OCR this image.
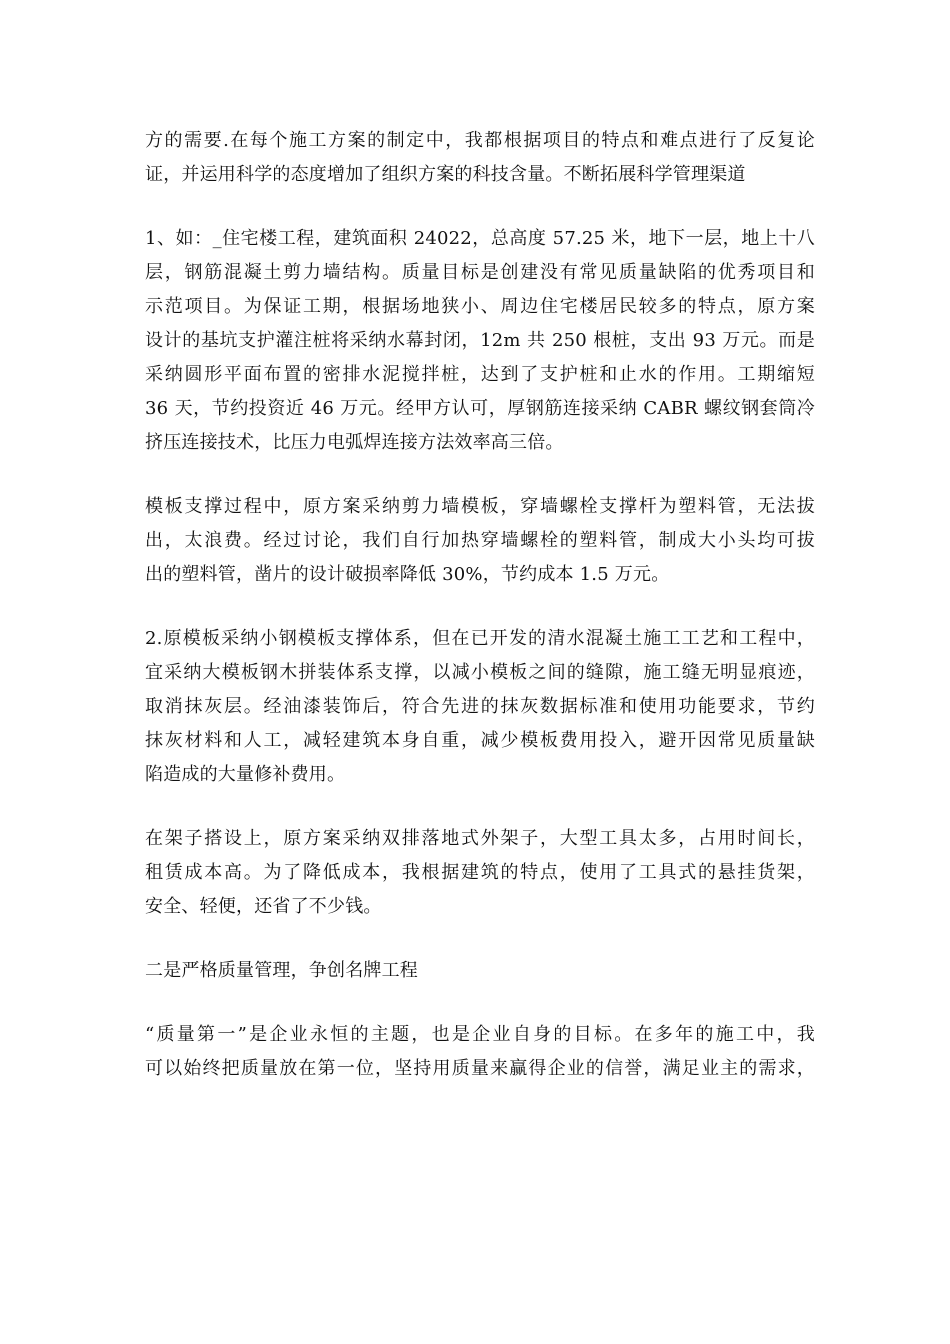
方的需要.在每个施工方案的制定中，我都根据项目的特点和难点进行了反复论
证，并运用科学的态度增加了组织方案的科技含量。不断拓展科学管理渠道
1、如：_住宅楼工程，建筑面积 24022，总高度 57.25 米，地下一层，地上十八
层，钢筋混凝土剪力墙结构。质量目标是创建没有常见质量缺陷的优秀项目和
示范项目。为保证工期，根据场地狭小、周边住宅楼居民较多的特点，原方案
设计的基坑支护灌注桩将采纳水幕封闭，12m 共 250 根桩，支出 93 万元。而是
采纳圆形平面布置的密排水泥搅拌桩，达到了支护桩和止水的作用。工期缩短
36 天，节约投资近 46 万元。经甲方认可，厚钢筋连接采纳 CABR 螺纹钢套筒冷
挤压连接技术，比压力电弧焊连接方法效率高三倍。
模板支撑过程中，原方案采纳剪力墙模板，穿墙螺栓支撑杆为塑料管，无法拔
出，太浪费。经过讨论，我们自行加热穿墙螺栓的塑料管，制成大小头均可拔
出的塑料管，凿片的设计破损率降低 30%，节约成本 1.5 万元。
2.原模板采纳小钢模板支撑体系，但在已开发的清水混凝土施工工艺和工程中，
宜采纳大模板钢木拼装体系支撑，以减小模板之间的缝隙，施工缝无明显痕迹，
取消抹灰层。经油漆装饰后，符合先进的抹灰数据标准和使用功能要求，节约
抹灰材料和人工，减轻建筑本身自重，减少模板费用投入，避开因常见质量缺
陷造成的大量修补费用。
在架子搭设上，原方案采纳双排落地式外架子，大型工具太多，占用时间长，
租赁成本高。为了降低成本，我根据建筑的特点，使用了工具式的悬挂货架，
安全、轻便，还省了不少钱。
二是严格质量管理，争创名牌工程
“质量第一”是企业永恒的主题，也是企业自身的目标。在多年的施工中，我
可以始终把质量放在第一位，坚持用质量来赢得企业的信誉，满足业主的需求，
